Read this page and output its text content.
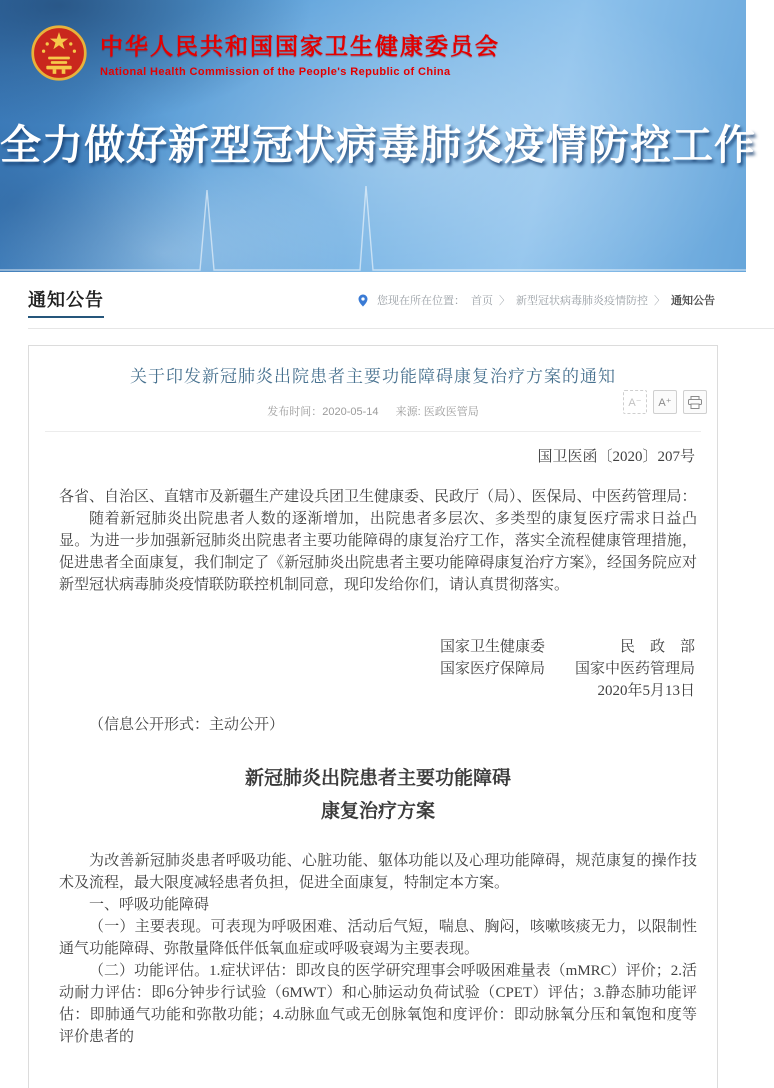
中华人民共和国国家卫生健康委员会
National Health Commission of the People's Republic of China
全力做好新型冠状病毒肺炎疫情防控工作
通知公告	您现在所在位置： 首页 〉 新型冠状病毒肺炎疫情防控 〉 通知公告
关于印发新冠肺炎出院患者主要功能障碍康复治疗方案的通知
发布时间：2020-05-14 来源: 医政医管局
A⁻	A⁺
国卫医函〔2020〕207号
各省、自治区、直辖市及新疆生产建设兵团卫生健康委、民政厅（局）、医保局、中医药管理局：
随着新冠肺炎出院患者人数的逐渐增加，出院患者多层次、多类型的康复医疗需求日益凸显。为进一步加强新冠肺炎出院患者主要功能障碍的康复治疗工作，落实全流程健康管理措施，促进患者全面康复，我们制定了《新冠肺炎出院患者主要功能障碍康复治疗方案》，经国务院应对新型冠状病毒肺炎疫情联防联控机制同意，现印发给你们，请认真贯彻落实。
国家卫生健康委　　　　　民　政　部
国家医疗保障局　　国家中医药管理局
2020年5月13日
（信息公开形式：主动公开）
新冠肺炎出院患者主要功能障碍
康复治疗方案

为改善新冠肺炎患者呼吸功能、心脏功能、躯体功能以及心理功能障碍，规范康复的操作技术及流程，最大限度减轻患者负担，促进全面康复，特制定本方案。

一、呼吸功能障碍

（一）主要表现。可表现为呼吸困难、活动后气短，喘息、胸闷，咳嗽咳痰无力，以限制性通气功能障碍、弥散量降低伴低氧血症或呼吸衰竭为主要表现。

（二）功能评估。1.症状评估：即改良的医学研究理事会呼吸困难量表（mMRC）评价；2.活动耐力评估：即6分钟步行试验（6MWT）和心肺运动负荷试验（CPET）评估；3.静态肺功能评估：即肺通气功能和弥散功能；4.动脉血气或无创脉氧饱和度评价：即动脉氧分压和氧饱和度等评价患者的
